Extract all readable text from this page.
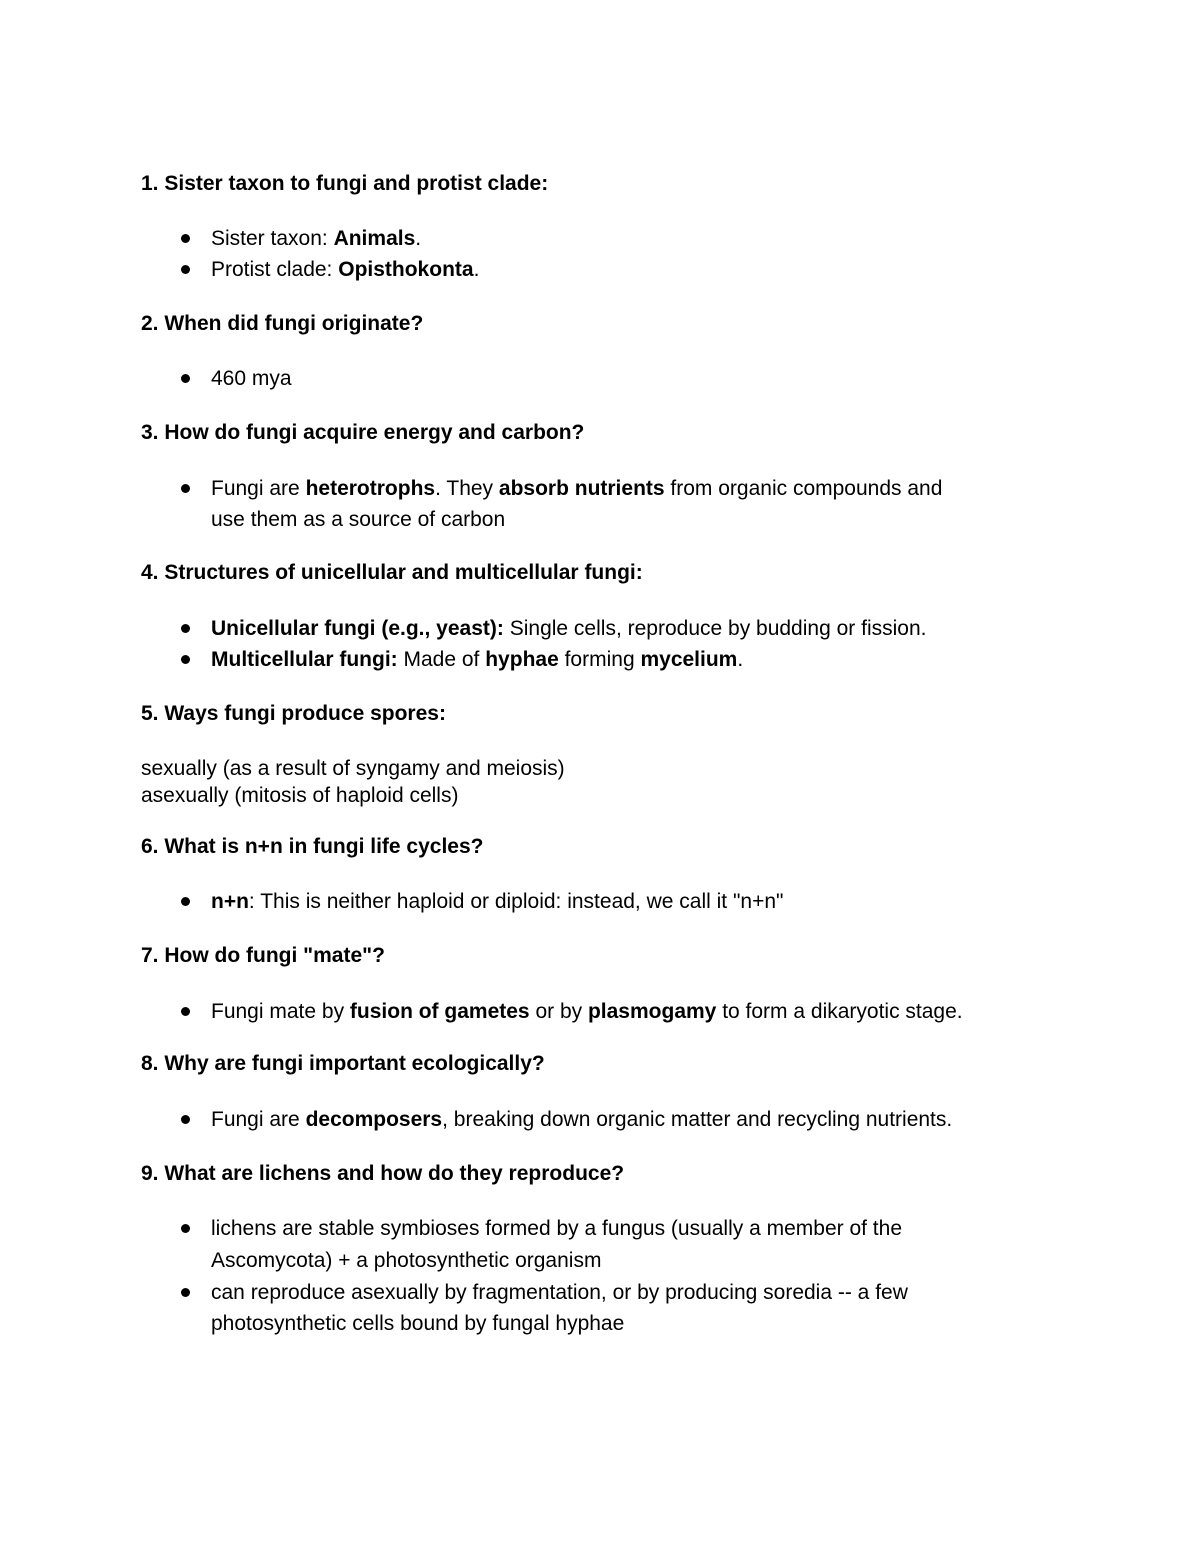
1. Sister taxon to fungi and protist clade:

Sister taxon: Animals.

Protist clade: Opisthokonta.

2. When did fungi originate?

460 mya

3. How do fungi acquire energy and carbon?

Fungi are heterotrophs. They absorb nutrients from organic compounds and

use them as a source of carbon

4. Structures of unicellular and multicellular fungi:

Unicellular fungi (e.g., yeast): Single cells, reproduce by budding or fission.

Multicellular fungi: Made of hyphae forming mycelium.

5. Ways fungi produce spores:

sexually (as a result of syngamy and meiosis)

asexually (mitosis of haploid cells)

6. What is n+n in fungi life cycles?

n+n: This is neither haploid or diploid: instead, we call it "n+n"

7. How do fungi "mate"?

Fungi mate by fusion of gametes or by plasmogamy to form a dikaryotic stage.

8. Why are fungi important ecologically?

Fungi are decomposers, breaking down organic matter and recycling nutrients.

9. What are lichens and how do they reproduce?

lichens are stable symbioses formed by a fungus (usually a member of the

Ascomycota) + a photosynthetic organism

can reproduce asexually by fragmentation, or by producing soredia -- a few

photosynthetic cells bound by fungal hyphae
